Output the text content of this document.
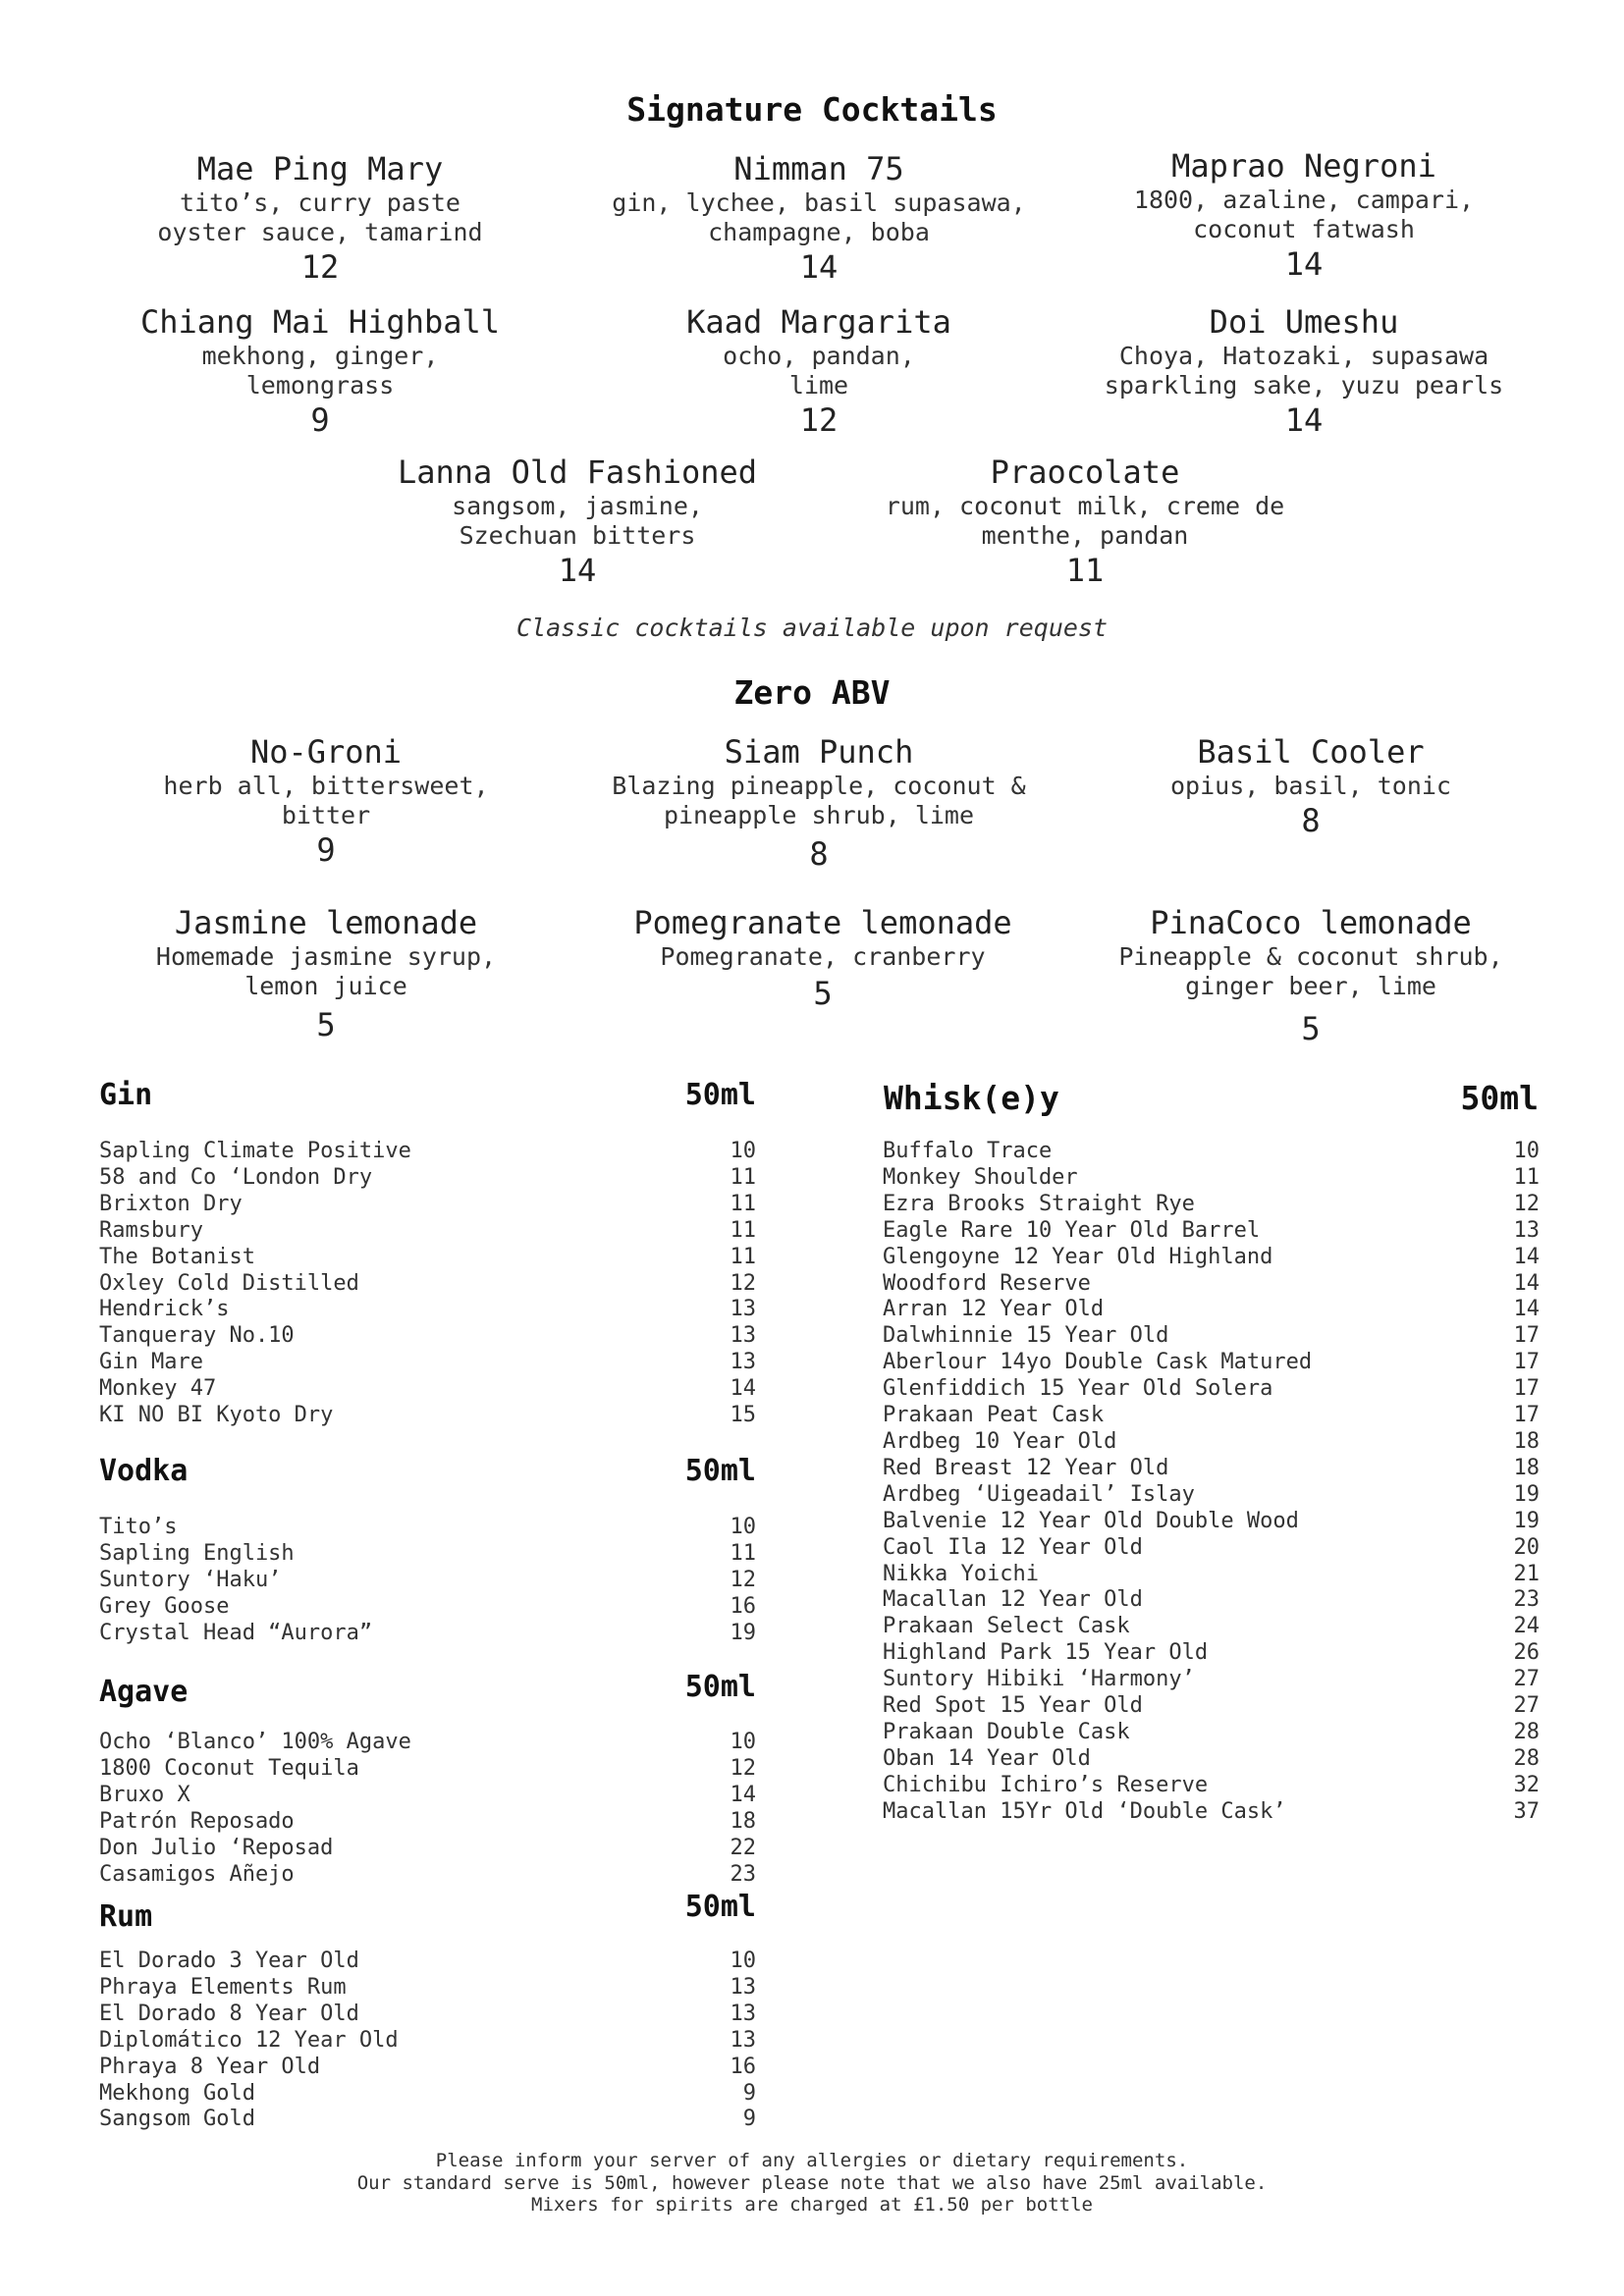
Signature Cocktails
Mae Ping Mary
tito’s, curry paste
oyster sauce, tamarind
12
Nimman 75
gin, lychee, basil supasawa,
champagne, boba
14
Maprao Negroni
1800, azaline, campari,
coconut fatwash
14
Chiang Mai Highball
mekhong, ginger,
lemongrass
9
Kaad Margarita
ocho, pandan,
lime
12
Doi Umeshu
Choya, Hatozaki, supasawa
sparkling sake, yuzu pearls
14
Lanna Old Fashioned
sangsom, jasmine,
Szechuan bitters
14
Praocolate
rum, coconut milk, creme de
menthe, pandan
11
Classic cocktails available upon request
Zero ABV
No-Groni
herb all, bittersweet,
bitter
9
Siam Punch
Blazing pineapple, coconut &
pineapple shrub, lime
8
Basil Cooler
opius, basil, tonic
8
Jasmine lemonade
Homemade jasmine syrup,
lemon juice
5
Pomegranate lemonade
Pomegranate, cranberry
5
PinaCoco lemonade
Pineapple & coconut shrub,
ginger beer, lime
5
Gin	50ml
Sapling Climate Positive	10
58 and Co ‘London Dry	11
Brixton Dry	11
Ramsbury	11
The Botanist	11
Oxley Cold Distilled	12
Hendrick’s	13
Tanqueray No.10	13
Gin Mare	13
Monkey 47	14
KI NO BI Kyoto Dry	15
Vodka	50ml
Tito’s	10
Sapling English	11
Suntory ‘Haku’	12
Grey Goose	16
Crystal Head “Aurora”	19
Agave	50ml
Ocho ‘Blanco’ 100% Agave	10
1800 Coconut Tequila	12
Bruxo X	14
Patrón Reposado	18
Don Julio ‘Reposad	22
Casamigos Añejo	23
Rum	50ml
El Dorado 3 Year Old	10
Phraya Elements Rum	13
El Dorado 8 Year Old	13
Diplomático 12 Year Old	13
Phraya 8 Year Old	16
Mekhong Gold	9
Sangsom Gold	9
Whisk(e)y	50ml
Buffalo Trace	10
Monkey Shoulder	11
Ezra Brooks Straight Rye	12
Eagle Rare 10 Year Old Barrel	13
Glengoyne 12 Year Old Highland	14
Woodford Reserve	14
Arran 12 Year Old	14
Dalwhinnie 15 Year Old	17
Aberlour 14yo Double Cask Matured	17
Glenfiddich 15 Year Old Solera	17
Prakaan Peat Cask	17
Ardbeg 10 Year Old	18
Red Breast 12 Year Old	18
Ardbeg ‘Uigeadail’ Islay	19
Balvenie 12 Year Old Double Wood	19
Caol Ila 12 Year Old	20
Nikka Yoichi	21
Macallan 12 Year Old	23
Prakaan Select Cask	24
Highland Park 15 Year Old	26
Suntory Hibiki ‘Harmony’	27
Red Spot 15 Year Old	27
Prakaan Double Cask	28
Oban 14 Year Old	28
Chichibu Ichiro’s Reserve	32
Macallan 15Yr Old ‘Double Cask’	37
Please inform your server of any allergies or dietary requirements.
Our standard serve is 50ml, however please note that we also have 25ml available.
Mixers for spirits are charged at £1.50 per bottle
